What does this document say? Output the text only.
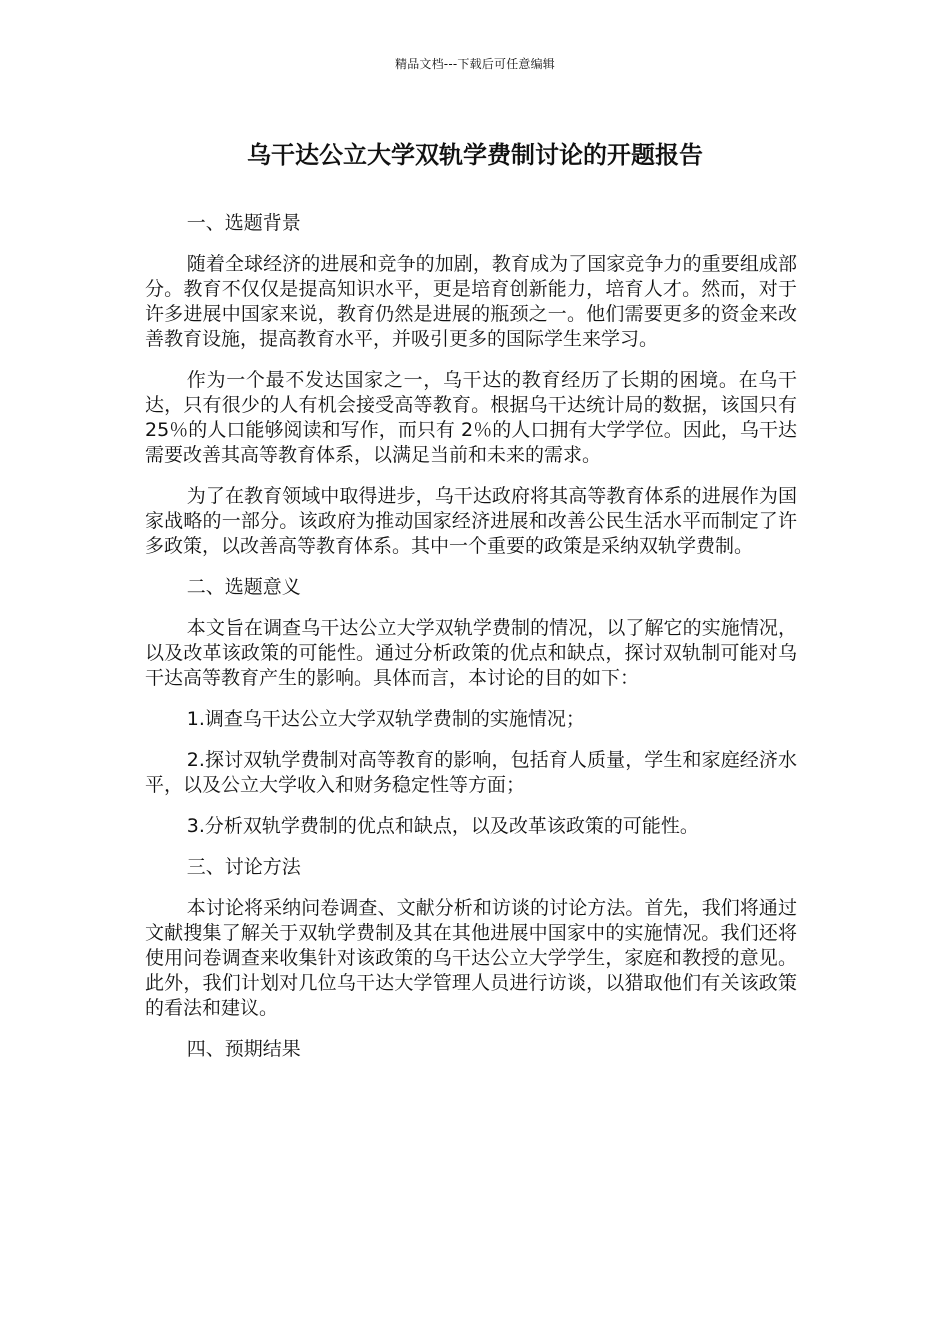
精品文档---下载后可任意编辑
乌干达公立大学双轨学费制讨论的开题报告
一、选题背景

随着全球经济的进展和竞争的加剧，教育成为了国家竞争力的重要组成部分。教育不仅仅是提高知识水平，更是培育创新能力，培育人才。然而，对于许多进展中国家来说，教育仍然是进展的瓶颈之一。他们需要更多的资金来改善教育设施，提高教育水平，并吸引更多的国际学生来学习。

作为一个最不发达国家之一，乌干达的教育经历了长期的困境。在乌干达，只有很少的人有机会接受高等教育。根据乌干达统计局的数据，该国只有 25％的人口能够阅读和写作，而只有 2％的人口拥有大学学位。因此，乌干达需要改善其高等教育体系，以满足当前和未来的需求。

为了在教育领域中取得进步，乌干达政府将其高等教育体系的进展作为国家战略的一部分。该政府为推动国家经济进展和改善公民生活水平而制定了许多政策，以改善高等教育体系。其中一个重要的政策是采纳双轨学费制。

二、选题意义

本文旨在调查乌干达公立大学双轨学费制的情况，以了解它的实施情况，以及改革该政策的可能性。通过分析政策的优点和缺点，探讨双轨制可能对乌干达高等教育产生的影响。具体而言，本讨论的目的如下：

1.调查乌干达公立大学双轨学费制的实施情况；

2.探讨双轨学费制对高等教育的影响，包括育人质量，学生和家庭经济水平，以及公立大学收入和财务稳定性等方面；

3.分析双轨学费制的优点和缺点，以及改革该政策的可能性。

三、讨论方法

本讨论将采纳问卷调查、文献分析和访谈的讨论方法。首先，我们将通过文献搜集了解关于双轨学费制及其在其他进展中国家中的实施情况。我们还将使用问卷调查来收集针对该政策的乌干达公立大学学生，家庭和教授的意见。此外，我们计划对几位乌干达大学管理人员进行访谈，以猎取他们有关该政策的看法和建议。

四、预期结果
